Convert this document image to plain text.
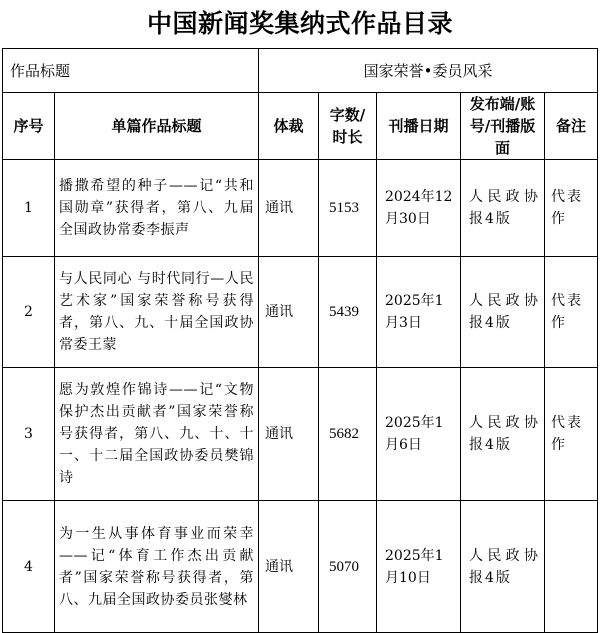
中国新闻奖集纳式作品目录
作品标题		国家荣誉•委员风采				
序号	单篇作品标题	体裁	字数/时长	刊播日期	发布端/账号/刊播版面	备注
1	播撒希望的种子——记“共和国勋章”获得者，第八、九届全国政协常委李振声	通讯	5153	2024年12月30日	人民政协报4版	代表作
2	与人民同心 与时代同行—人民艺术家”国家荣誉称号获得者，第八、九、十届全国政协常委王蒙	通讯	5439	2025年1月3日	人民政协报4版	代表作
3	愿为敦煌作锦诗——记“文物保护杰出贡献者”国家荣誉称号获得者，第八、九、十、十一、十二届全国政协委员樊锦诗	通讯	5682	2025年1月6日	人民政协报4版	代表作
4	为一生从事体育事业而荣幸——记“体育工作杰出贡献者”国家荣誉称号获得者，第八、九届全国政协委员张燮林	通讯	5070	2025年1月10日	人民政协报4版	
